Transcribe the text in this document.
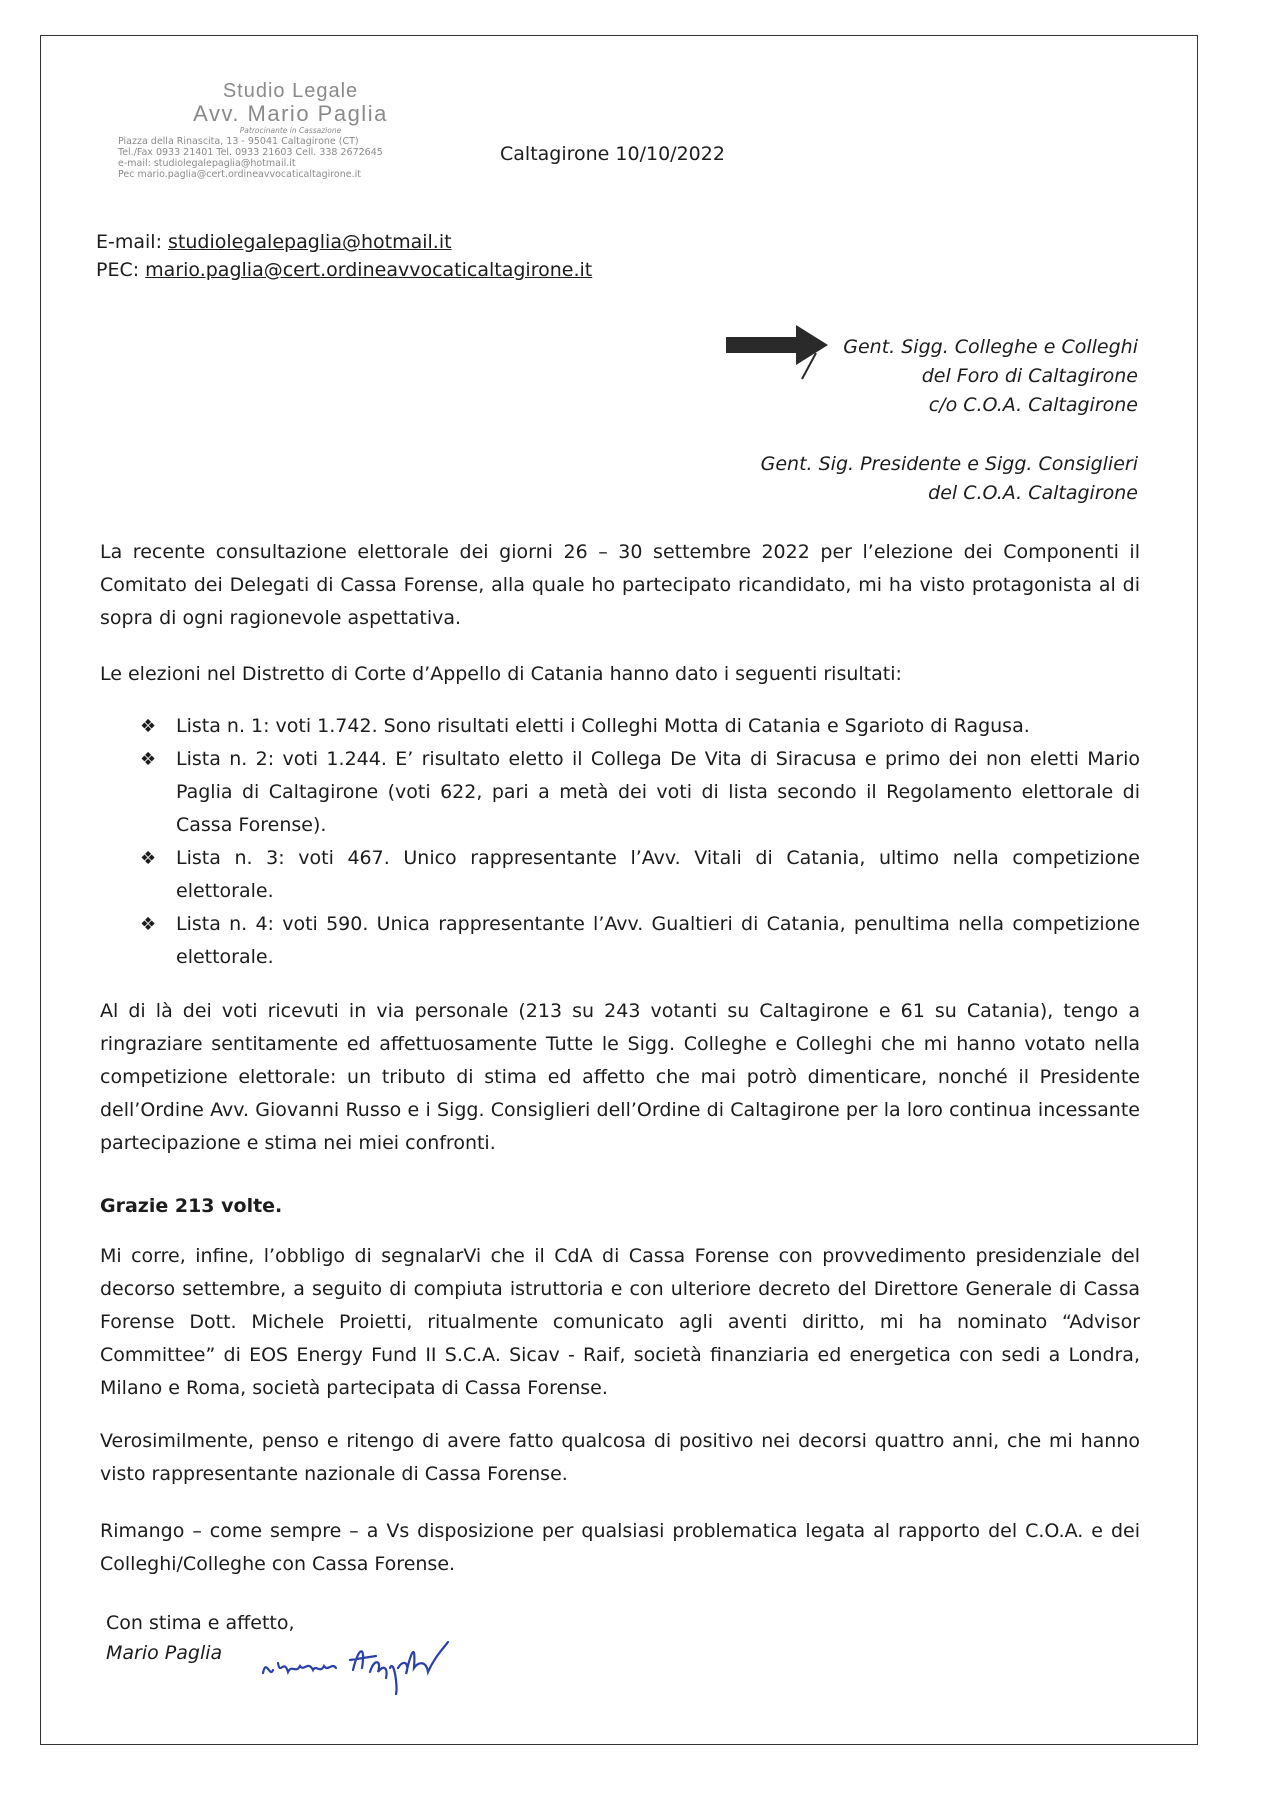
Studio Legale
Avv. Mario Paglia
Patrocinante in Cassazione
Piazza della Rinascita, 13 - 95041 Caltagirone (CT)
Tel./Fax 0933 21401 Tel. 0933 21603 Cell. 338 2672645
e-mail: studiolegalepaglia@hotmail.it
Pec mario.paglia@cert.ordineavvocaticaltagirone.it
Caltagirone 10/10/2022
E-mail: studiolegalepaglia@hotmail.it
PEC: mario.paglia@cert.ordineavvocaticaltagirone.it
Gent. Sigg. Colleghe e Colleghi
del Foro di Caltagirone
c/o C.O.A. Caltagirone
Gent. Sig. Presidente e Sigg. Consiglieri
del C.O.A. Caltagirone
La recente consultazione elettorale dei giorni 26 – 30 settembre 2022 per l’elezione dei Componenti il Comitato dei Delegati di Cassa Forense, alla quale ho partecipato ricandidato, mi ha visto protagonista al di sopra di ogni ragionevole aspettativa.
Le elezioni nel Distretto di Corte d’Appello di Catania hanno dato i seguenti risultati:
❖ Lista n. 1: voti 1.742. Sono risultati eletti i Colleghi Motta di Catania e Sgarioto di Ragusa.
❖ Lista n. 2: voti 1.244. E’ risultato eletto il Collega De Vita di Siracusa e primo dei non eletti Mario Paglia di Caltagirone (voti 622, pari a metà dei voti di lista secondo il Regolamento elettorale di Cassa Forense).
❖ Lista n. 3: voti 467. Unico rappresentante l’Avv. Vitali di Catania, ultimo nella competizione elettorale.
❖ Lista n. 4: voti 590. Unica rappresentante l’Avv. Gualtieri di Catania, penultima nella competizione elettorale.
Al di là dei voti ricevuti in via personale (213 su 243 votanti su Caltagirone e 61 su Catania), tengo a ringraziare sentitamente ed affettuosamente Tutte le Sigg. Colleghe e Colleghi che mi hanno votato nella competizione elettorale: un tributo di stima ed affetto che mai potrò dimenticare, nonché il Presidente dell’Ordine Avv. Giovanni Russo e i Sigg. Consiglieri dell’Ordine di Caltagirone per la loro continua incessante partecipazione e stima nei miei confronti.
Grazie 213 volte.
Mi corre, infine, l’obbligo di segnalarVi che il CdA di Cassa Forense con provvedimento presidenziale del decorso settembre, a seguito di compiuta istruttoria e con ulteriore decreto del Direttore Generale di Cassa Forense Dott. Michele Proietti, ritualmente comunicato agli aventi diritto, mi ha nominato “Advisor Committee” di EOS Energy Fund II S.C.A. Sicav - Raif, società finanziaria ed energetica con sedi a Londra, Milano e Roma, società partecipata di Cassa Forense.
Verosimilmente, penso e ritengo di avere fatto qualcosa di positivo nei decorsi quattro anni, che mi hanno visto rappresentante nazionale di Cassa Forense.
Rimango – come sempre – a Vs disposizione per qualsiasi problematica legata al rapporto del C.O.A. e dei Colleghi/Colleghe con Cassa Forense.
Con stima e affetto,
Mario Paglia
